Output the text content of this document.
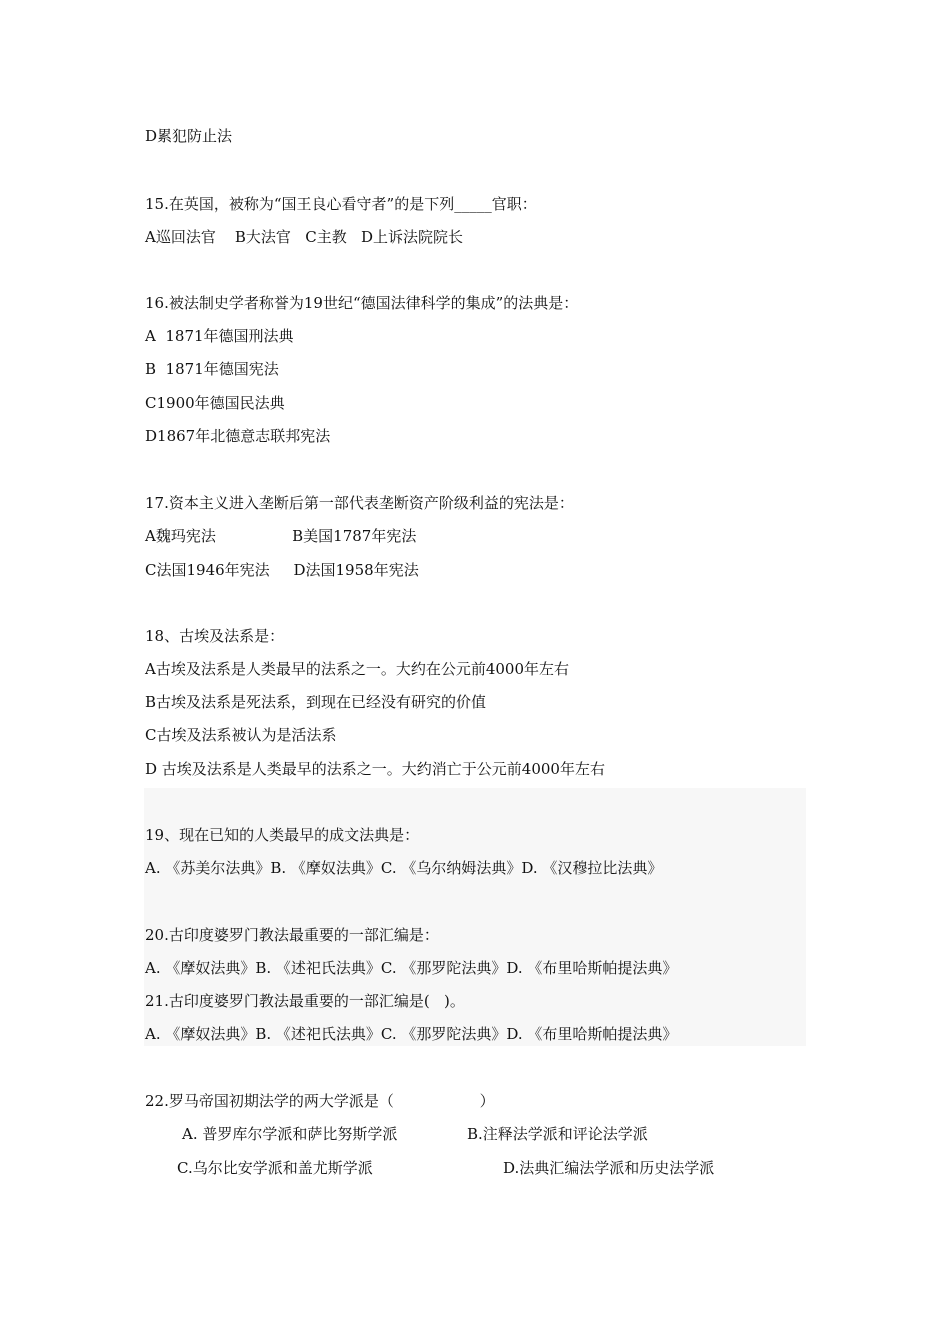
D累犯防止法
15.在英国，被称为“国王良心看守者”的是下列_____官职：
A巡回法官    B大法官   C主教   D上诉法院院长
16.被法制史学者称誉为19世纪“德国法律科学的集成”的法典是：
A  1871年德国刑法典
B  1871年德国宪法
C1900年德国民法典
D1867年北德意志联邦宪法
17.资本主义进入垄断后第一部代表垄断资产阶级利益的宪法是：
A魏玛宪法                B美国1787年宪法
C法国1946年宪法     D法国1958年宪法
18、古埃及法系是：
A古埃及法系是人类最早的法系之一。大约在公元前4000年左右
B古埃及法系是死法系，到现在已经没有研究的价值
C古埃及法系被认为是活法系
D 古埃及法系是人类最早的法系之一。大约消亡于公元前4000年左右
19、现在已知的人类最早的成文法典是：
A. 《苏美尔法典》B. 《摩奴法典》C. 《乌尔纳姆法典》D. 《汉穆拉比法典》
20.古印度婆罗门教法最重要的一部汇编是：
A. 《摩奴法典》B. 《述祀氏法典》C. 《那罗陀法典》D. 《布里哈斯帕提法典》
21.古印度婆罗门教法最重要的一部汇编是(   )。
A. 《摩奴法典》B. 《述祀氏法典》C. 《那罗陀法典》D. 《布里哈斯帕提法典》
22.罗马帝国初期法学的两大学派是（                  ）
A. 普罗库尔学派和萨比努斯学派	B.注释法学派和评论法学派
C.乌尔比安学派和盖尤斯学派	D.法典汇编法学派和历史法学派
